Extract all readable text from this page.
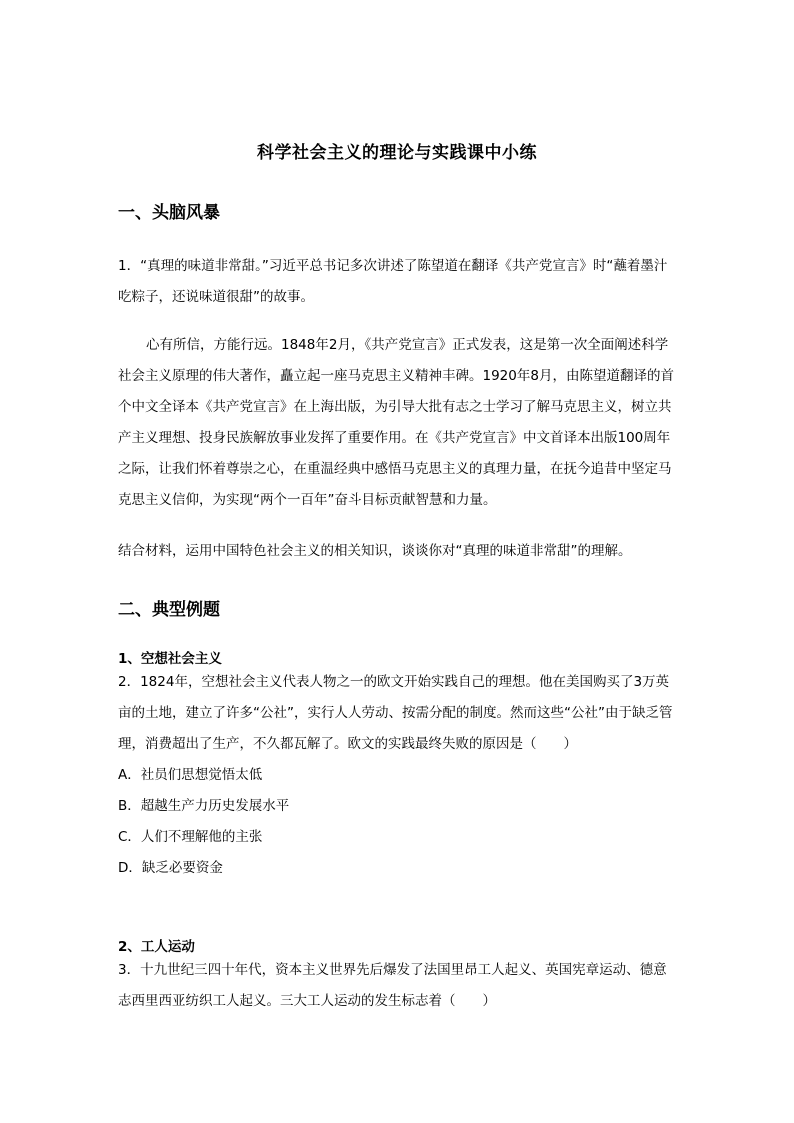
科学社会主义的理论与实践课中小练
一、头脑风暴
1．“真理的味道非常甜。”习近平总书记多次讲述了陈望道在翻译《共产党宣言》时“蘸着墨汁吃粽子，还说味道很甜”的故事。
心有所信，方能行远。1848年2月，《共产党宣言》正式发表，这是第一次全面阐述科学社会主义原理的伟大著作，矗立起一座马克思主义精神丰碑。1920年8月，由陈望道翻译的首个中文全译本《共产党宣言》在上海出版，为引导大批有志之士学习了解马克思主义，树立共产主义理想、投身民族解放事业发挥了重要作用。在《共产党宣言》中文首译本出版100周年之际，让我们怀着尊崇之心，在重温经典中感悟马克思主义的真理力量，在抚今追昔中坚定马克思主义信仰，为实现“两个一百年”奋斗目标贡献智慧和力量。
结合材料，运用中国特色社会主义的相关知识，谈谈你对“真理的味道非常甜”的理解。
二、典型例题
1、空想社会主义
2．1824年，空想社会主义代表人物之一的欧文开始实践自己的理想。他在美国购买了3万英亩的土地，建立了许多“公社”，实行人人劳动、按需分配的制度。然而这些“公社”由于缺乏管理，消费超出了生产，不久都瓦解了。欧文的实践最终失败的原因是（　　）
A．社员们思想觉悟太低
B．超越生产力历史发展水平
C．人们不理解他的主张
D．缺乏必要资金
2、工人运动
3．十九世纪三四十年代，资本主义世界先后爆发了法国里昂工人起义、英国宪章运动、德意志西里西亚纺织工人起义。三大工人运动的发生标志着（　　）
